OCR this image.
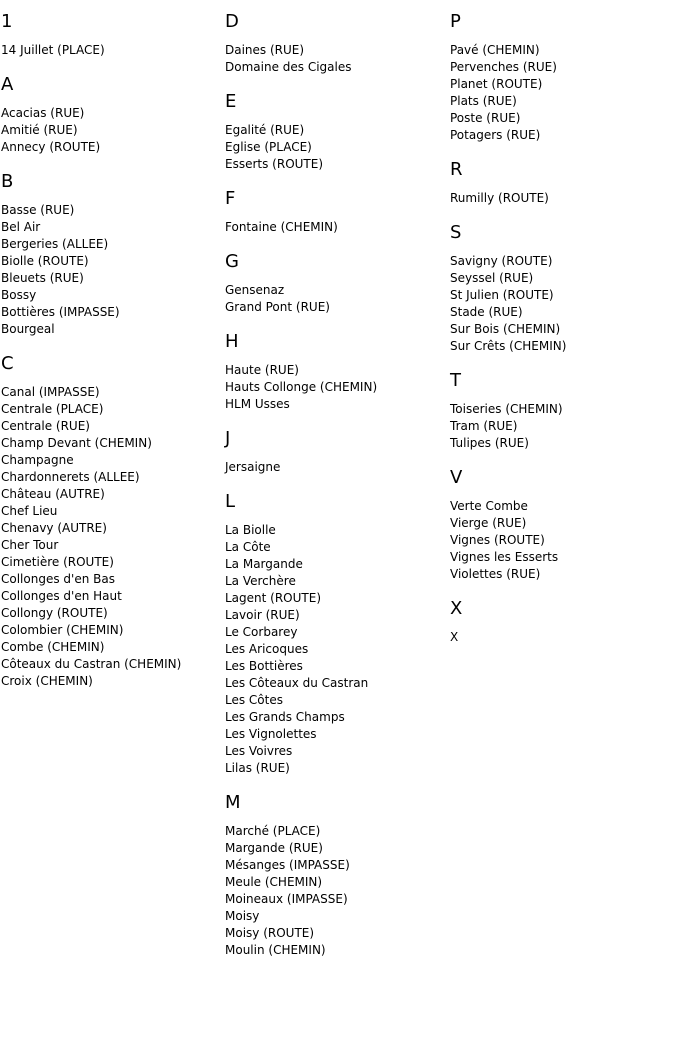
1
14 Juillet (PLACE)
A
Acacias (RUE)
Amitié (RUE)
Annecy (ROUTE)
B
Basse (RUE)
Bel Air
Bergeries (ALLEE)
Biolle (ROUTE)
Bleuets (RUE)
Bossy
Bottières (IMPASSE)
Bourgeal
C
Canal (IMPASSE)
Centrale (PLACE)
Centrale (RUE)
Champ Devant (CHEMIN)
Champagne
Chardonnerets (ALLEE)
Château (AUTRE)
Chef Lieu
Chenavy (AUTRE)
Cher Tour
Cimetière (ROUTE)
Collonges d'en Bas
Collonges d'en Haut
Collongy (ROUTE)
Colombier (CHEMIN)
Combe (CHEMIN)
Côteaux du Castran (CHEMIN)
Croix (CHEMIN)
D
Daines (RUE)
Domaine des Cigales
E
Egalité (RUE)
Eglise (PLACE)
Esserts (ROUTE)
F
Fontaine (CHEMIN)
G
Gensenaz
Grand Pont (RUE)
H
Haute (RUE)
Hauts Collonge (CHEMIN)
HLM Usses
J
Jersaigne
L
La Biolle
La Côte
La Margande
La Verchère
Lagent (ROUTE)
Lavoir (RUE)
Le Corbarey
Les Aricoques
Les Bottières
Les Côteaux du Castran
Les Côtes
Les Grands Champs
Les Vignolettes
Les Voivres
Lilas (RUE)
M
Marché (PLACE)
Margande (RUE)
Mésanges (IMPASSE)
Meule (CHEMIN)
Moineaux (IMPASSE)
Moisy
Moisy (ROUTE)
Moulin (CHEMIN)
P
Pavé (CHEMIN)
Pervenches (RUE)
Planet (ROUTE)
Plats (RUE)
Poste (RUE)
Potagers (RUE)
R
Rumilly (ROUTE)
S
Savigny (ROUTE)
Seyssel (RUE)
St Julien (ROUTE)
Stade (RUE)
Sur Bois (CHEMIN)
Sur Crêts (CHEMIN)
T
Toiseries (CHEMIN)
Tram (RUE)
Tulipes (RUE)
V
Verte Combe
Vierge (RUE)
Vignes (ROUTE)
Vignes les Esserts
Violettes (RUE)
X
X
